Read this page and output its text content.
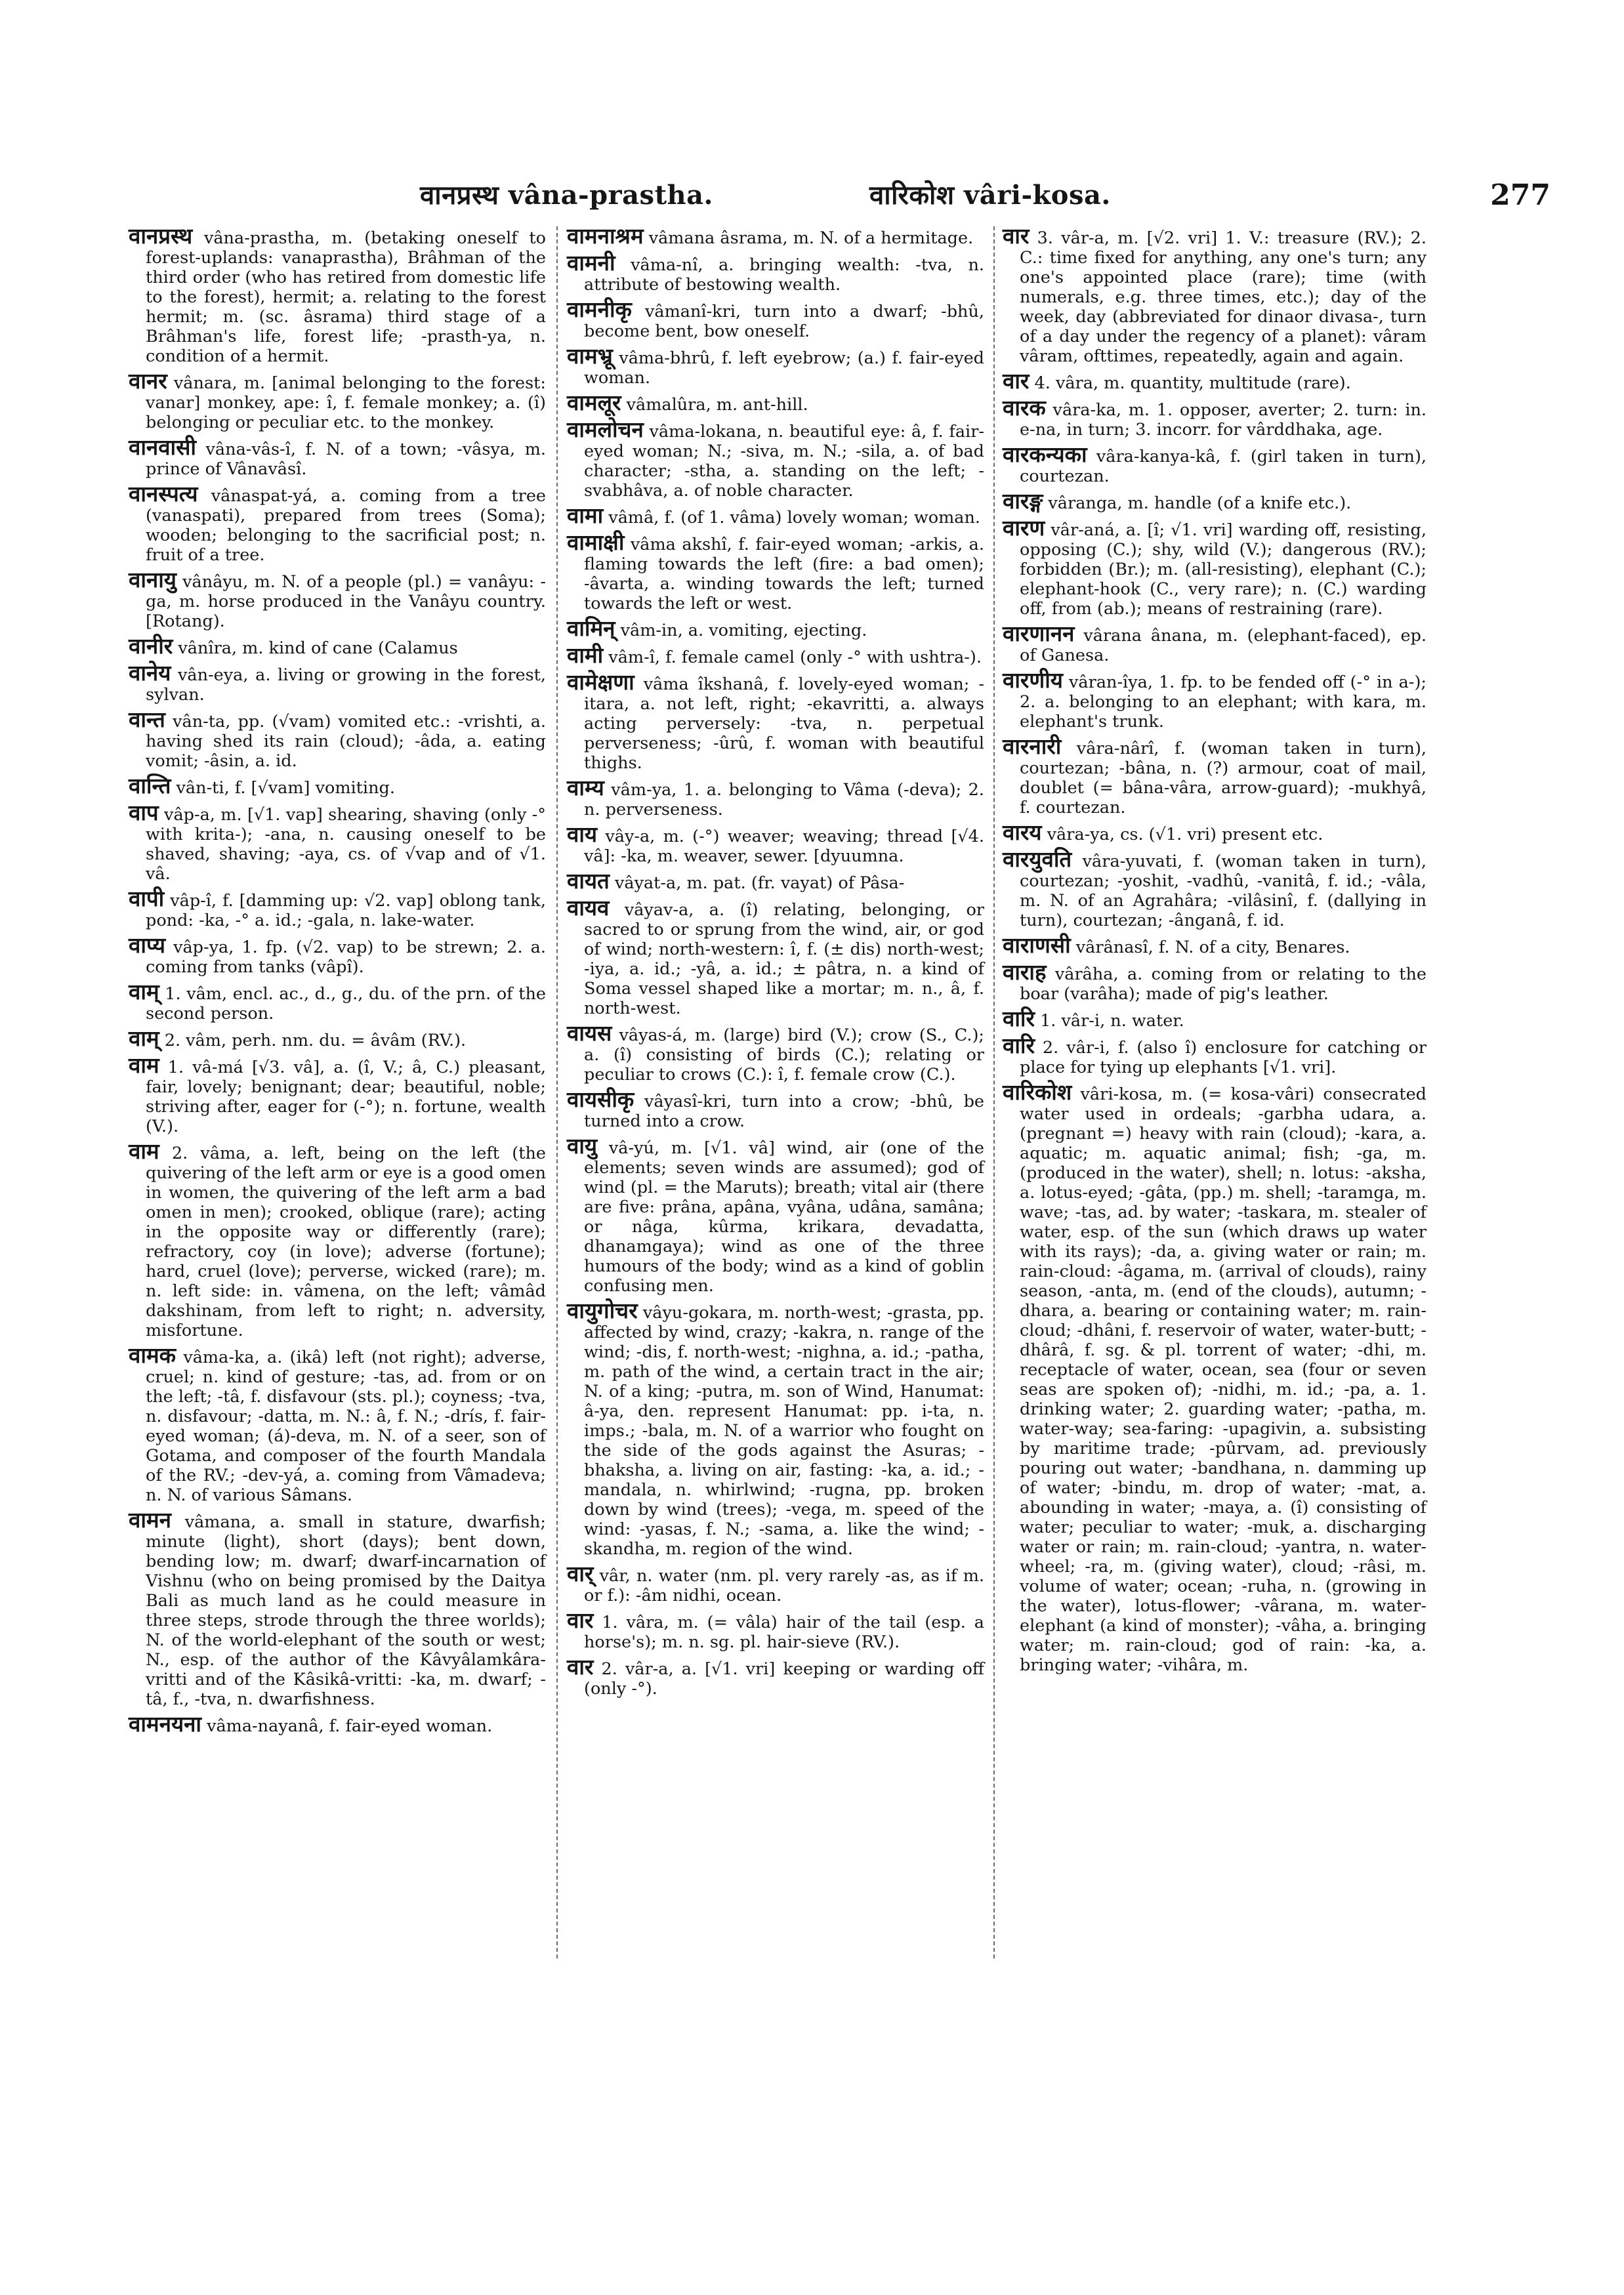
वानप्रस्थ vâna-prastha.	वारिकोश vâri-kosa.	277

वानप्रस्थ vâna-prastha, m. (betaking oneself to forest-uplands: vanaprastha), Brâhman of the third order (who has retired from domestic life to the forest), hermit; a. relating to the forest hermit; m. (sc. âsrama) third stage of a Brâhman's life, forest life; -prasth-ya, n. condition of a hermit.

वानर vânara, m. [animal belonging to the forest: vanar] monkey, ape: î, f. female monkey; a. (î) belonging or peculiar etc. to the monkey.

वानवासी vâna-vâs-î, f. N. of a town; -vâsya, m. prince of Vânavâsî.

वानस्पत्य vânaspat-yá, a. coming from a tree (vanaspati), prepared from trees (Soma); wooden; belonging to the sacrificial post; n. fruit of a tree.

वानायु vânâyu, m. N. of a people (pl.) = vanâyu: -ga, m. horse produced in the Vanâyu country. [Rotang).

वानीर vânîra, m. kind of cane (Calamus

वानेय vân-eya, a. living or growing in the forest, sylvan.

वान्त vân-ta, pp. (√vam) vomited etc.: -vrishti, a. having shed its rain (cloud); -âda, a. eating vomit; -âsin, a. id.

वान्ति vân-ti, f. [√vam] vomiting.

वाप vâp-a, m. [√1. vap] shearing, shaving (only -° with krita-); -ana, n. causing oneself to be shaved, shaving; -aya, cs. of √vap and of √1. vâ.

वापी vâp-î, f. [damming up: √2. vap] oblong tank, pond: -ka, -° a. id.; -gala, n. lake-water.

वाप्य vâp-ya, 1. fp. (√2. vap) to be strewn; 2. a. coming from tanks (vâpî).

वाम् 1. vâm, encl. ac., d., g., du. of the prn. of the second person.

वाम् 2. vâm, perh. nm. du. = âvâm (RV.).

वाम 1. vâ-má [√3. vâ], a. (î, V.; â, C.) pleasant, fair, lovely; benignant; dear; beautiful, noble; striving after, eager for (-°); n. fortune, wealth (V.).

वाम 2. vâma, a. left, being on the left (the quivering of the left arm or eye is a good omen in women, the quivering of the left arm a bad omen in men); crooked, oblique (rare); acting in the opposite way or differently (rare); refractory, coy (in love); adverse (fortune); hard, cruel (love); perverse, wicked (rare); m. n. left side: in. vâmena, on the left; vâmâd dakshinam, from left to right; n. adversity, misfortune.

वामक vâma-ka, a. (ikâ) left (not right); adverse, cruel; n. kind of gesture; -tas, ad. from or on the left; -tâ, f. disfavour (sts. pl.); coyness; -tva, n. disfavour; -datta, m. N.: â, f. N.; -drís, f. fair-eyed woman; (á)-deva, m. N. of a seer, son of Gotama, and composer of the fourth Mandala of the RV.; -dev-yá, a. coming from Vâmadeva; n. N. of various Sâmans.

वामन vâmana, a. small in stature, dwarfish; minute (light), short (days); bent down, bending low; m. dwarf; dwarf-incarnation of Vishnu (who on being promised by the Daitya Bali as much land as he could measure in three steps, strode through the three worlds); N. of the world-elephant of the south or west; N., esp. of the author of the Kâvyâlamkâra-vritti and of the Kâsikâ-vritti: -ka, m. dwarf; -tâ, f., -tva, n. dwarfishness.

वामनयना vâma-nayanâ, f. fair-eyed woman.

वामनाश्रम vâmana âsrama, m. N. of a hermitage.

वामनी vâma-nî, a. bringing wealth: -tva, n. attribute of bestowing wealth.

वामनीकृ vâmanî-kri, turn into a dwarf; -bhû, become bent, bow oneself.

वामभ्रू vâma-bhrû, f. left eyebrow; (a.) f. fair-eyed woman.

वामलूर vâmalûra, m. ant-hill.

वामलोचन vâma-lokana, n. beautiful eye: â, f. fair-eyed woman; N.; -siva, m. N.; -sila, a. of bad character; -stha, a. standing on the left; -svabhâva, a. of noble character.

वामा vâmâ, f. (of 1. vâma) lovely woman; woman.

वामाक्षी vâma akshî, f. fair-eyed woman; -arkis, a. flaming towards the left (fire: a bad omen); -âvarta, a. winding towards the left; turned towards the left or west.

वामिन् vâm-in, a. vomiting, ejecting.

वामी vâm-î, f. female camel (only -° with ushtra-).

वामेक्षणा vâma îkshanâ, f. lovely-eyed woman; -itara, a. not left, right; -ekavritti, a. always acting perversely: -tva, n. perpetual perverseness; -ûrû, f. woman with beautiful thighs.

वाम्य vâm-ya, 1. a. belonging to Vâma (-deva); 2. n. perverseness.

वाय vây-a, m. (-°) weaver; weaving; thread [√4. vâ]: -ka, m. weaver, sewer. [dyuumna.

वायत vâyat-a, m. pat. (fr. vayat) of Pâsa-

वायव vâyav-a, a. (î) relating, belonging, or sacred to or sprung from the wind, air, or god of wind; north-western: î, f. (± dis) north-west; -iya, a. id.; -yâ, a. id.; ± pâtra, n. a kind of Soma vessel shaped like a mortar; m. n., â, f. north-west.

वायस vâyas-á, m. (large) bird (V.); crow (S., C.); a. (î) consisting of birds (C.); relating or peculiar to crows (C.): î, f. female crow (C.).

वायसीकृ vâyasî-kri, turn into a crow; -bhû, be turned into a crow.

वायु vâ-yú, m. [√1. vâ] wind, air (one of the elements; seven winds are assumed); god of wind (pl. = the Maruts); breath; vital air (there are five: prâna, apâna, vyâna, udâna, samâna; or nâga, kûrma, krikara, devadatta, dhanamgaya); wind as one of the three humours of the body; wind as a kind of goblin confusing men.

वायुगोचर vâyu-gokara, m. north-west; -grasta, pp. affected by wind, crazy; -kakra, n. range of the wind; -dis, f. north-west; -nighna, a. id.; -patha, m. path of the wind, a certain tract in the air; N. of a king; -putra, m. son of Wind, Hanumat: â-ya, den. represent Hanumat: pp. i-ta, n. imps.; -bala, m. N. of a warrior who fought on the side of the gods against the Asuras; -bhaksha, a. living on air, fasting: -ka, a. id.; -mandala, n. whirlwind; -rugna, pp. broken down by wind (trees); -vega, m. speed of the wind: -yasas, f. N.; -sama, a. like the wind; -skandha, m. region of the wind.

वार् vâr, n. water (nm. pl. very rarely -as, as if m. or f.): -âm nidhi, ocean.

वार 1. vâra, m. (= vâla) hair of the tail (esp. a horse's); m. n. sg. pl. hair-sieve (RV.).

वार 2. vâr-a, a. [√1. vri] keeping or warding off (only -°).

वार 3. vâr-a, m. [√2. vri] 1. V.: treasure (RV.); 2. C.: time fixed for anything, any one's turn; any one's appointed place (rare); time (with numerals, e.g. three times, etc.); day of the week, day (abbreviated for dinaor divasa-, turn of a day under the regency of a planet): vâram vâram, ofttimes, repeatedly, again and again.

वार 4. vâra, m. quantity, multitude (rare).

वारक vâra-ka, m. 1. opposer, averter; 2. turn: in. e-na, in turn; 3. incorr. for vârddhaka, age.

वारकन्यका vâra-kanya-kâ, f. (girl taken in turn), courtezan.

वारङ्ग vâranga, m. handle (of a knife etc.).

वारण vâr-aná, a. [î; √1. vri] warding off, resisting, opposing (C.); shy, wild (V.); dangerous (RV.); forbidden (Br.); m. (all-resisting), elephant (C.); elephant-hook (C., very rare); n. (C.) warding off, from (ab.); means of restraining (rare).

वारणानन vârana ânana, m. (elephant-faced), ep. of Ganesa.

वारणीय vâran-îya, 1. fp. to be fended off (-° in a-); 2. a. belonging to an elephant; with kara, m. elephant's trunk.

वारनारी vâra-nârî, f. (woman taken in turn), courtezan; -bâna, n. (?) armour, coat of mail, doublet (= bâna-vâra, arrow-guard); -mukhyâ, f. courtezan.

वारय vâra-ya, cs. (√1. vri) present etc.

वारयुवति vâra-yuvati, f. (woman taken in turn), courtezan; -yoshit, -vadhû, -vanitâ, f. id.; -vâla, m. N. of an Agrahâra; -vilâsinî, f. (dallying in turn), courtezan; -ânganâ, f. id.

वाराणसी vârânasî, f. N. of a city, Benares.

वाराह vârâha, a. coming from or relating to the boar (varâha); made of pig's leather.

वारि 1. vâr-i, n. water.

वारि 2. vâr-i, f. (also î) enclosure for catching or place for tying up elephants [√1. vri].

वारिकोश vâri-kosa, m. (= kosa-vâri) consecrated water used in ordeals; -garbha udara, a. (pregnant =) heavy with rain (cloud); -kara, a. aquatic; m. aquatic animal; fish; -ga, m. (produced in the water), shell; n. lotus: -aksha, a. lotus-eyed; -gâta, (pp.) m. shell; -taramga, m. wave; -tas, ad. by water; -taskara, m. stealer of water, esp. of the sun (which draws up water with its rays); -da, a. giving water or rain; m. rain-cloud: -âgama, m. (arrival of clouds), rainy season, -anta, m. (end of the clouds), autumn; -dhara, a. bearing or containing water; m. rain-cloud; -dhâni, f. reservoir of water, water-butt; -dhârâ, f. sg. & pl. torrent of water; -dhi, m. receptacle of water, ocean, sea (four or seven seas are spoken of); -nidhi, m. id.; -pa, a. 1. drinking water; 2. guarding water; -patha, m. water-way; sea-faring: -upagivin, a. subsisting by maritime trade; -pûrvam, ad. previously pouring out water; -bandhana, n. damming up of water; -bindu, m. drop of water; -mat, a. abounding in water; -maya, a. (î) consisting of water; peculiar to water; -muk, a. discharging water or rain; m. rain-cloud; -yantra, n. water-wheel; -ra, m. (giving water), cloud; -râsi, m. volume of water; ocean; -ruha, n. (growing in the water), lotus-flower; -vârana, m. water-elephant (a kind of monster); -vâha, a. bringing water; m. rain-cloud; god of rain: -ka, a. bringing water; -vihâra, m.
